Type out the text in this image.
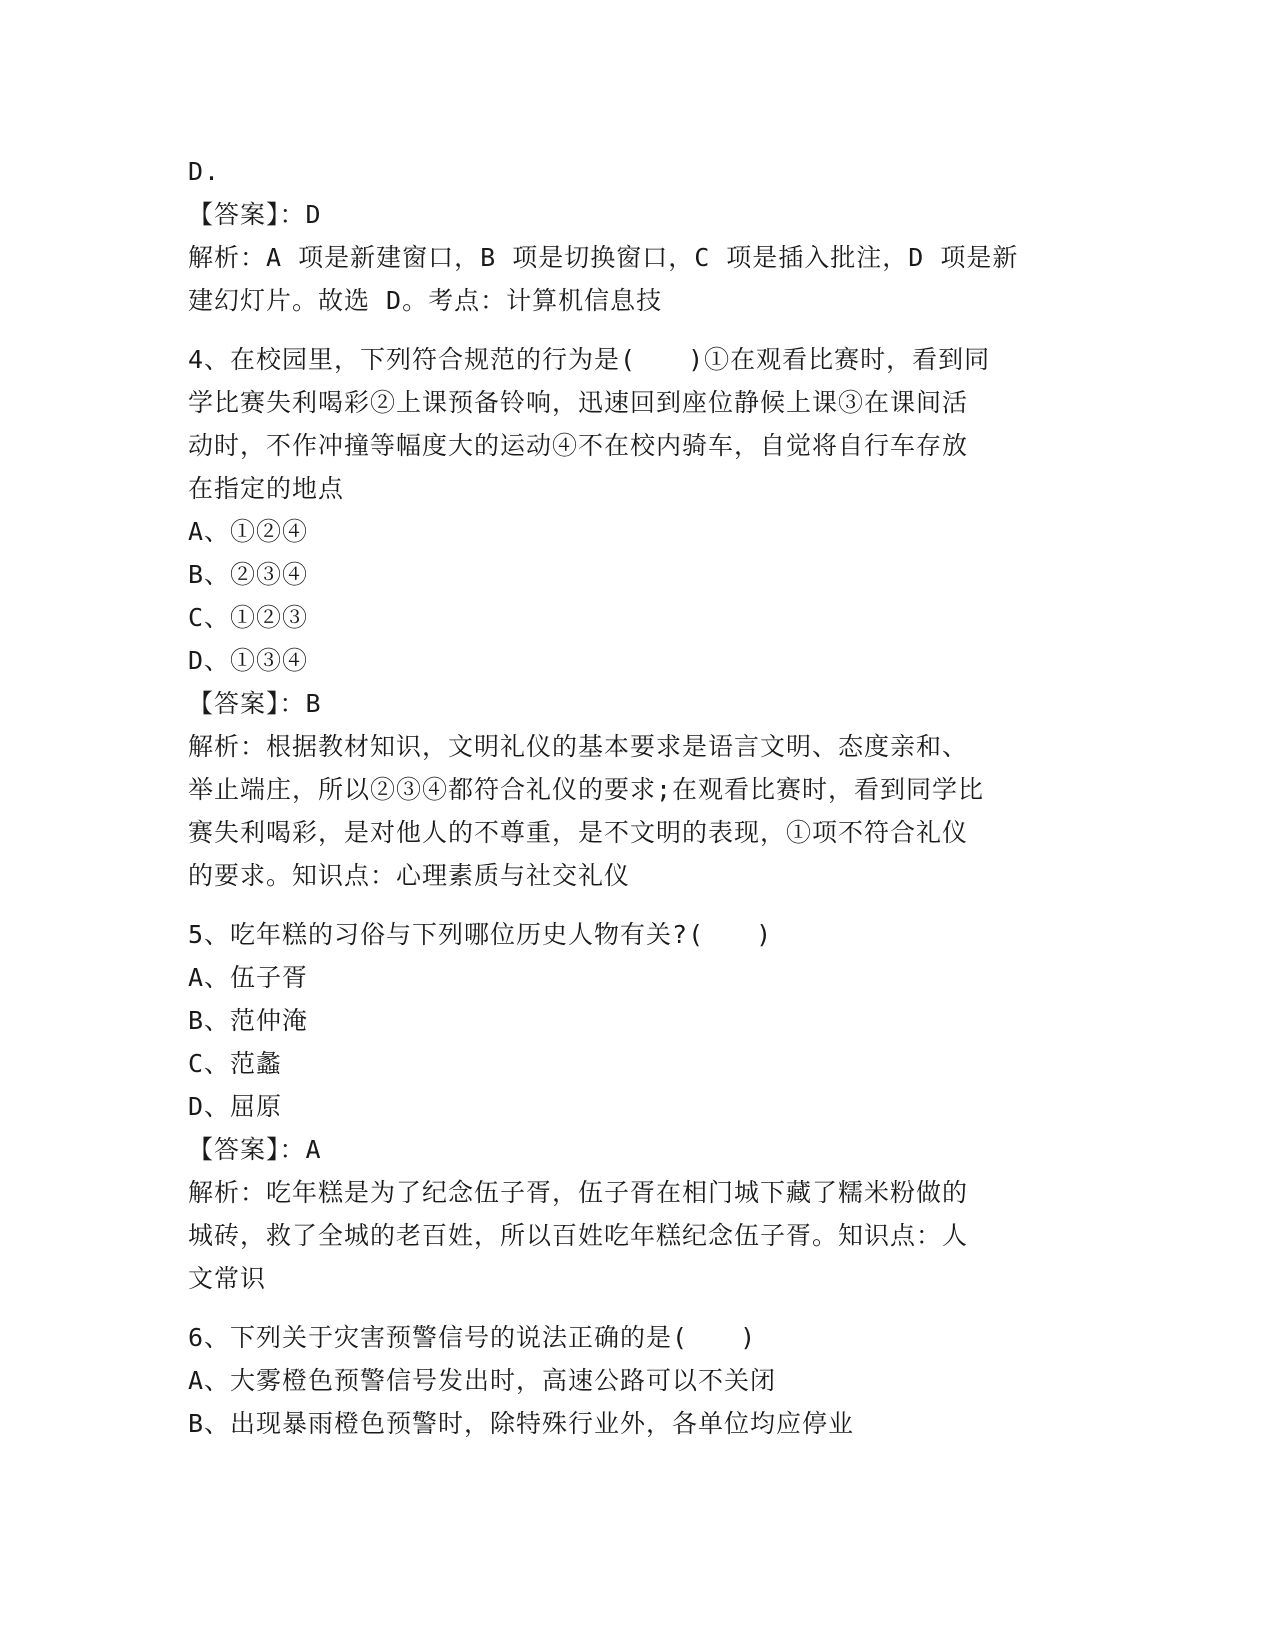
D.
【答案】：D
解析：A 项是新建窗口，B 项是切换窗口，C 项是插入批注，D 项是新
建幻灯片。故选 D。考点：计算机信息技
4、在校园里，下列符合规范的行为是(　　)①在观看比赛时，看到同
学比赛失利喝彩②上课预备铃响，迅速回到座位静候上课③在课间活
动时，不作冲撞等幅度大的运动④不在校内骑车，自觉将自行车存放
在指定的地点
A、①②④
B、②③④
C、①②③
D、①③④
【答案】：B
解析：根据教材知识，文明礼仪的基本要求是语言文明、态度亲和、
举止端庄，所以②③④都符合礼仪的要求;在观看比赛时，看到同学比
赛失利喝彩，是对他人的不尊重，是不文明的表现，①项不符合礼仪
的要求。知识点：心理素质与社交礼仪
5、吃年糕的习俗与下列哪位历史人物有关?(　　)
A、伍子胥
B、范仲淹
C、范蠡
D、屈原
【答案】：A
解析：吃年糕是为了纪念伍子胥，伍子胥在相门城下藏了糯米粉做的
城砖，救了全城的老百姓，所以百姓吃年糕纪念伍子胥。知识点：人
文常识
6、下列关于灾害预警信号的说法正确的是(　　)
A、大雾橙色预警信号发出时，高速公路可以不关闭
B、出现暴雨橙色预警时，除特殊行业外，各单位均应停业
